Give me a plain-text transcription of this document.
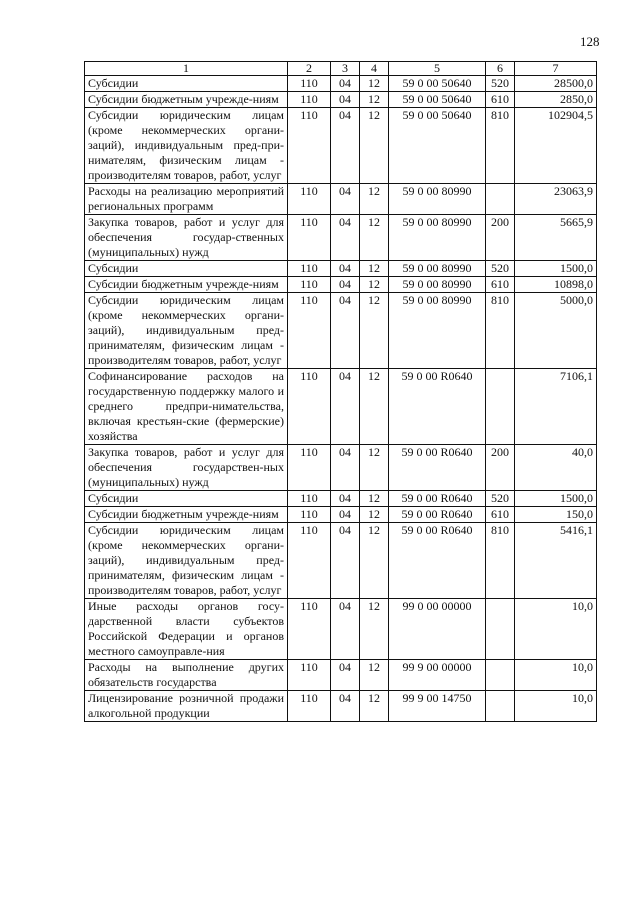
128
1	2	3	4	5	6	7
Субсидии	110	04	12	59 0 00 50640	520	28500,0
Субсидии бюджетным учрежде-ниям	110	04	12	59 0 00 50640	610	2850,0
Субсидии юридическим лицам (кроме некоммерческих органи-заций), индивидуальным пред-при-нимателям, физическим лицам - производителям товаров, работ, услуг	110	04	12	59 0 00 50640	810	102904,5
Расходы на реализацию мероприятий региональных программ	110	04	12	59 0 00 80990		23063,9
Закупка товаров, работ и услуг для обеспечения государ-ственных (муниципальных) нужд	110	04	12	59 0 00 80990	200	5665,9
Субсидии	110	04	12	59 0 00 80990	520	1500,0
Субсидии бюджетным учрежде-ниям	110	04	12	59 0 00 80990	610	10898,0
Субсидии юридическим лицам (кроме некоммерческих органи-заций), индивидуальным пред-принимателям, физическим лицам - производителям товаров, работ, услуг	110	04	12	59 0 00 80990	810	5000,0
Софинансирование расходов на государственную поддержку малого и среднего предпри-нимательства, включая крестьян-ские (фермерские) хозяйства	110	04	12	59 0 00 R0640		7106,1
Закупка товаров, работ и услуг для обеспечения государствен-ных (муниципальных) нужд	110	04	12	59 0 00 R0640	200	40,0
Субсидии	110	04	12	59 0 00 R0640	520	1500,0
Субсидии бюджетным учрежде-ниям	110	04	12	59 0 00 R0640	610	150,0
Субсидии юридическим лицам (кроме некоммерческих органи-заций), индивидуальным пред-принимателям, физическим лицам - производителям товаров, работ, услуг	110	04	12	59 0 00 R0640	810	5416,1
Иные расходы органов госу-дарственной власти субъектов Российской Федерации и органов местного самоуправле-ния	110	04	12	99 0 00 00000		10,0
Расходы на выполнение других обязательств государства	110	04	12	99 9 00 00000		10,0
Лицензирование розничной продажи алкогольной продукции	110	04	12	99 9 00 14750		10,0
